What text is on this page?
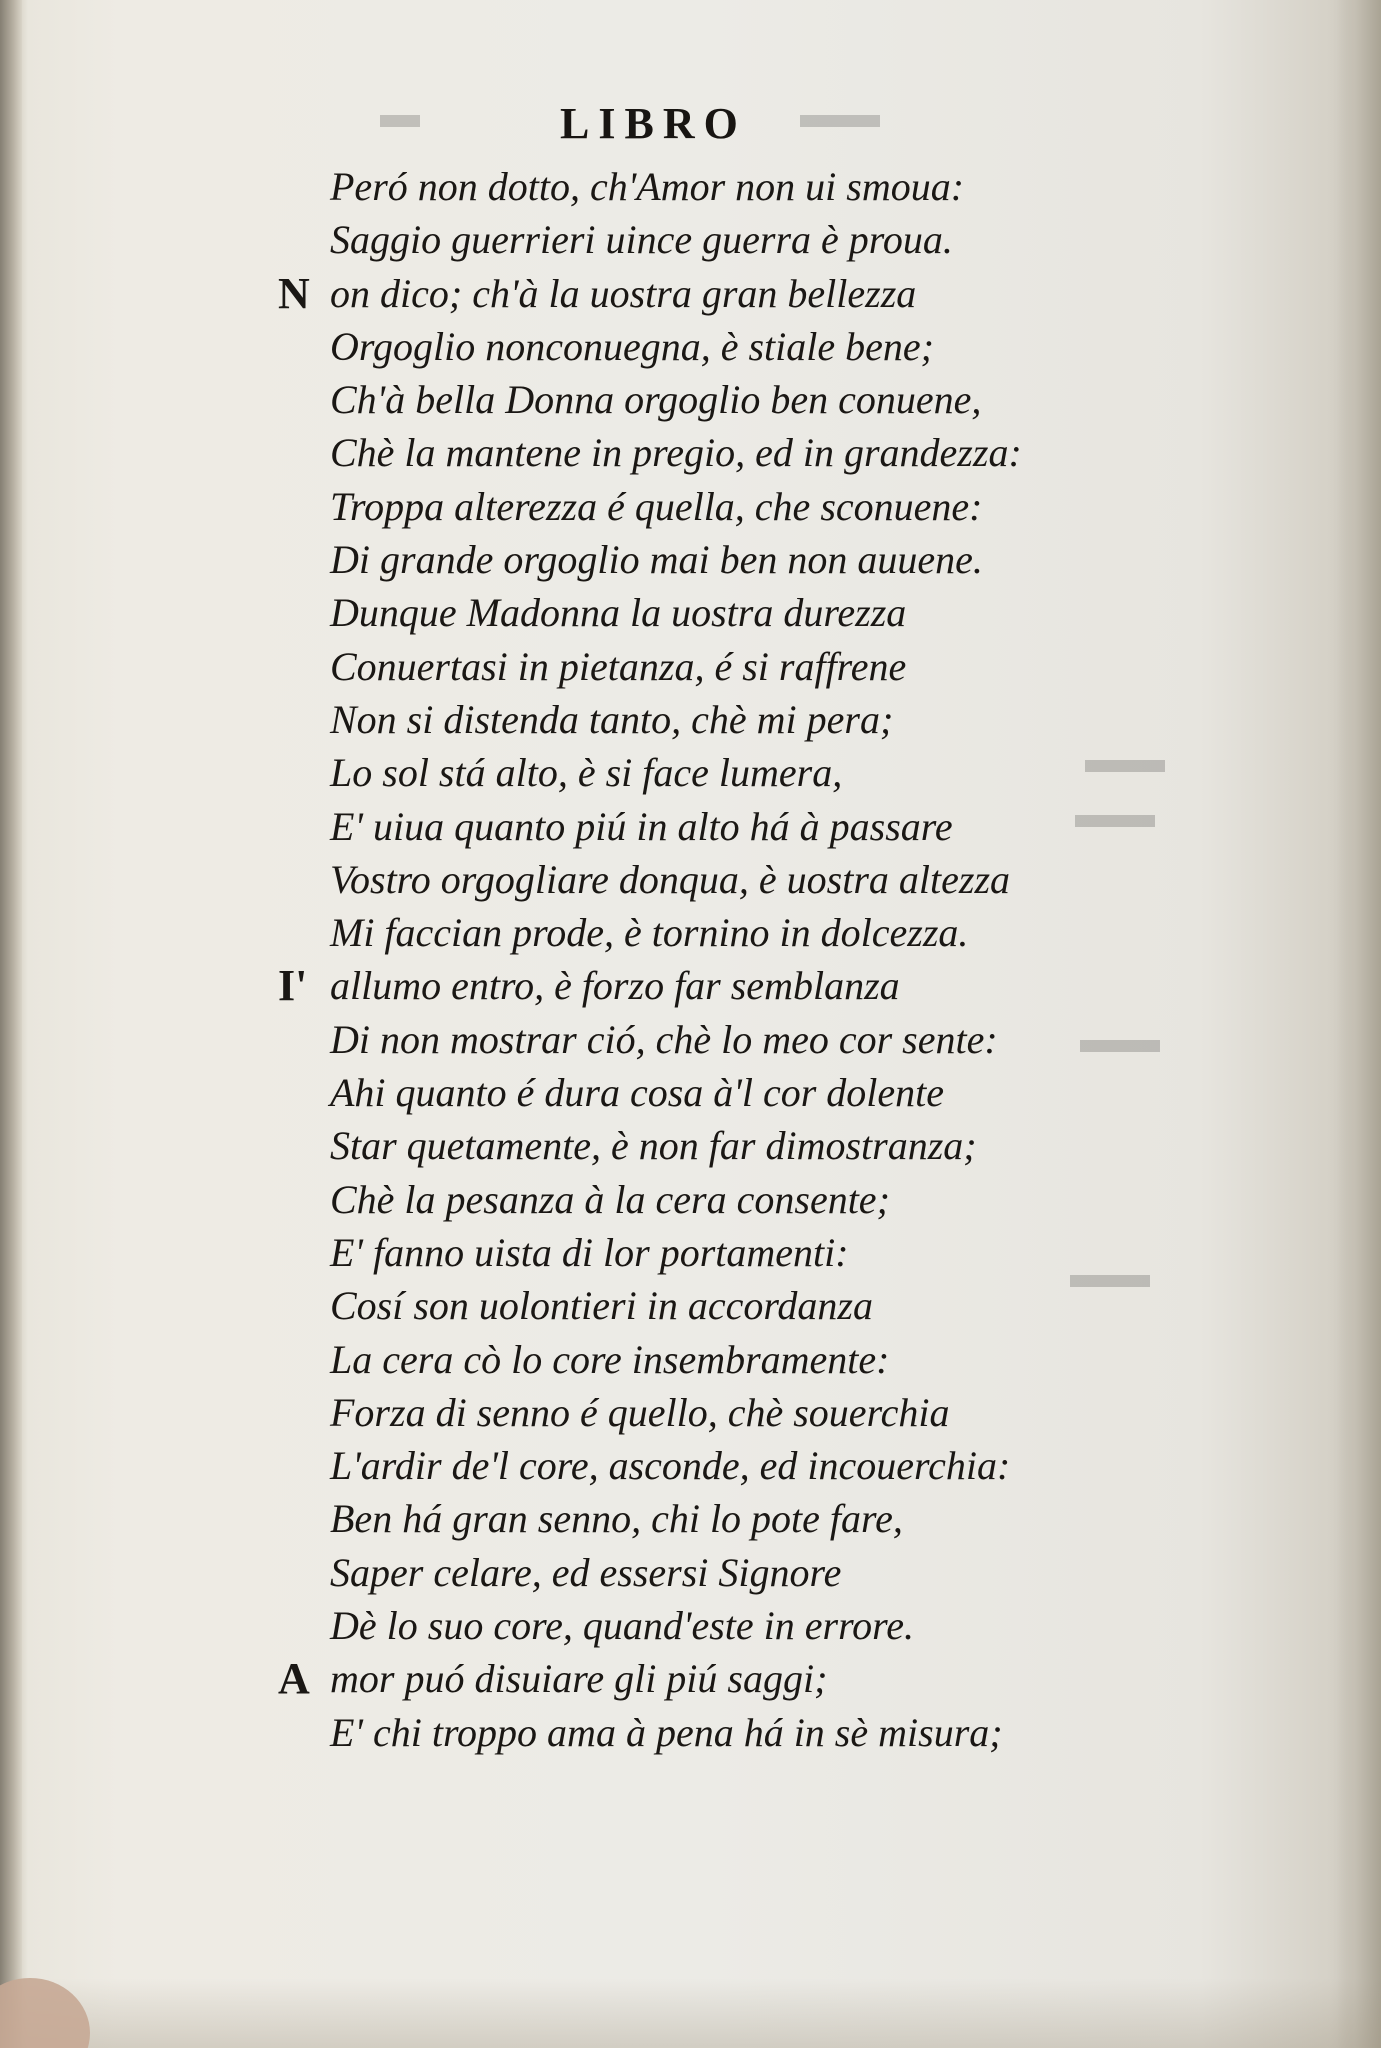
▬▬
▬▬
▬▬
▬▬
▬	▬▬
LIBRO
Peró non dotto, ch'Amor non ui smoua:
Saggio guerrieri uince guerra è proua.
N on dico; ch'à la uostra gran bellezza
Orgoglio nonconuegna, è stiale bene;
Ch'à bella Donna orgoglio ben conuene,
Chè la mantene in pregio, ed in grandezza:
Troppa alterezza é quella, che sconuene:
Di grande orgoglio mai ben non auuene.
Dunque Madonna la uostra durezza
Conuertasi in pietanza, é si raffrene
Non si distenda tanto, chè mi pera;
Lo sol stá alto, è si face lumera,
E' uiua quanto piú in alto há à passare
Vostro orgogliare donqua, è uostra altezza
Mi faccian prode, è tornino in dolcezza.
I' allumo entro, è forzo far semblanza
Di non mostrar ció, chè lo meo cor sente:
Ahi quanto é dura cosa à'l cor dolente
Star quetamente, è non far dimostranza;
Chè la pesanza à la cera consente;
E' fanno uista di lor portamenti:
Cosí son uolontieri in accordanza
La cera cò lo core insembramente:
Forza di senno é quello, chè souerchia
L'ardir de'l core, asconde, ed incouerchia:
Ben há gran senno, chi lo pote fare,
Saper celare, ed essersi Signore
Dè lo suo core, quand'este in errore.
A mor puó disuiare gli piú saggi;
E' chi troppo ama à pena há in sè misura;
